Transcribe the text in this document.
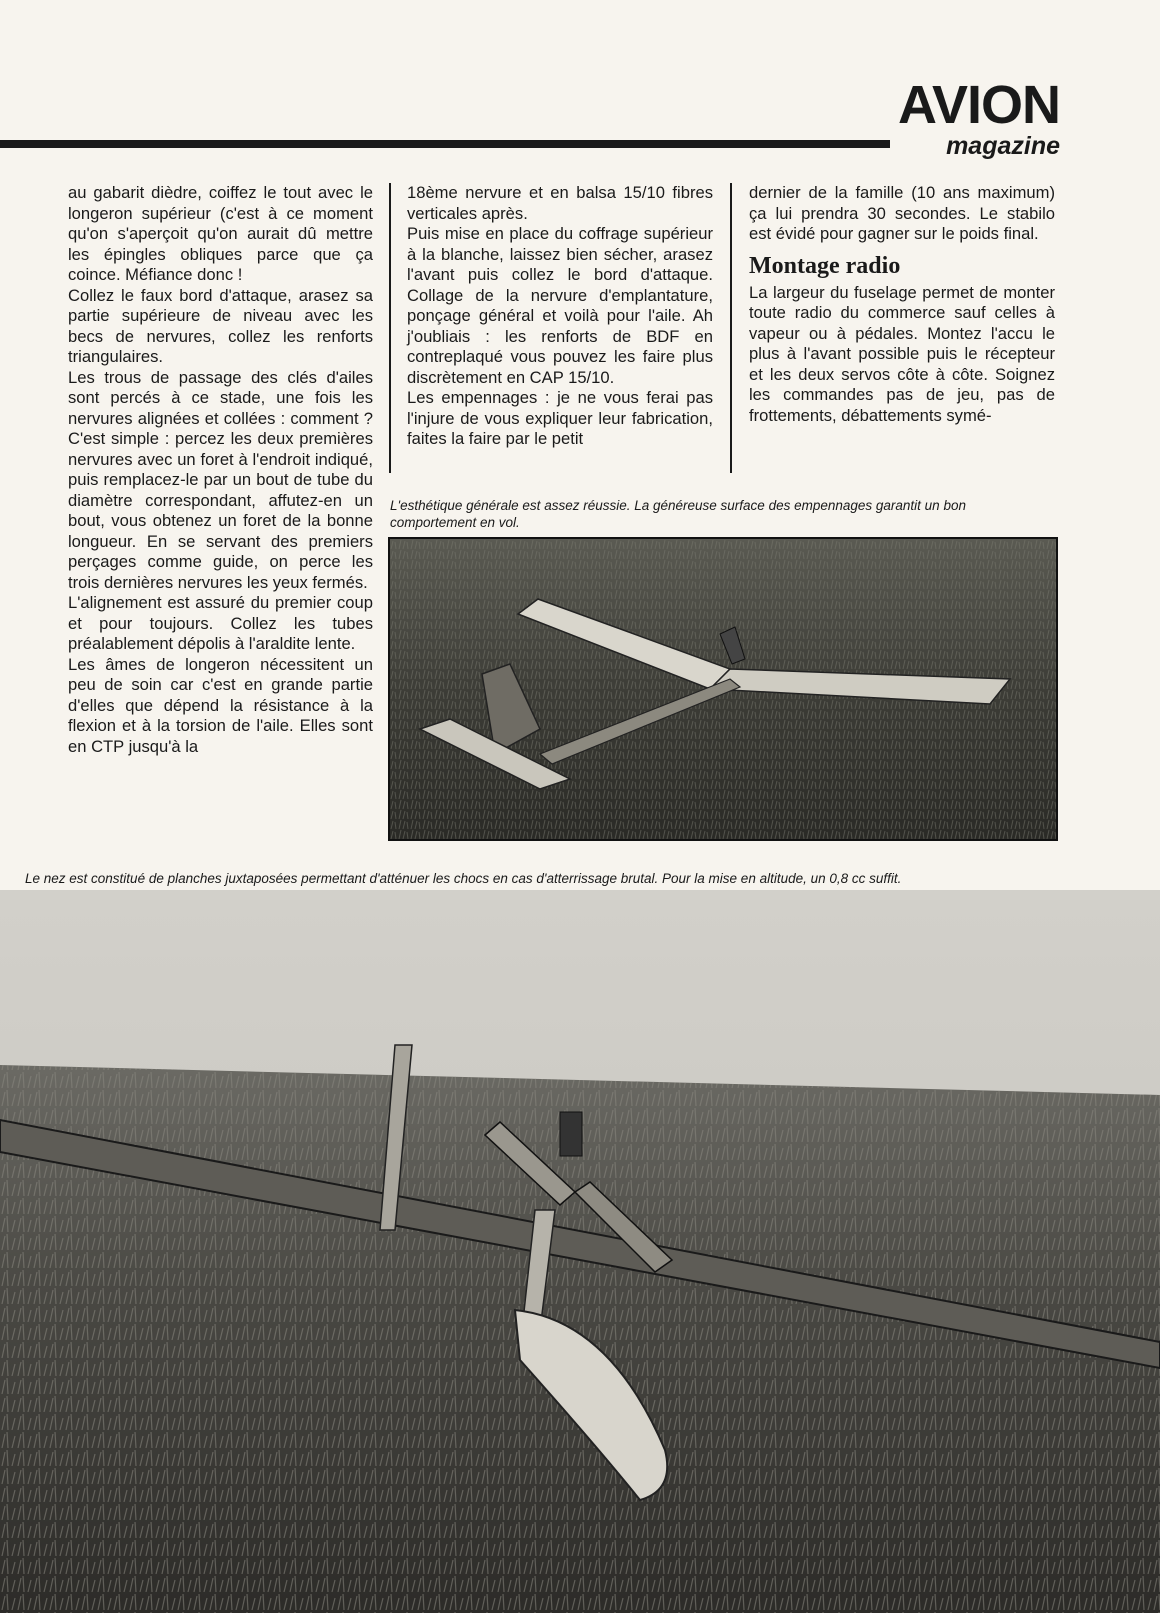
AVION
magazine

au gabarit dièdre, coiffez le tout avec le longeron supérieur (c'est à ce moment qu'on s'aperçoit qu'on aurait dû mettre les épingles obliques parce que ça coince. Méfiance donc !

Collez le faux bord d'attaque, arasez sa partie supérieure de niveau avec les becs de nervures, collez les renforts triangulaires.

Les trous de passage des clés d'ailes sont percés à ce stade, une fois les nervures alignées et collées : comment ? C'est simple : percez les deux premières nervures avec un foret à l'endroit indiqué, puis remplacez-le par un bout de tube du diamètre correspondant, affutez-en un bout, vous obtenez un foret de la bonne longueur. En se servant des premiers perçages comme guide, on perce les trois dernières nervures les yeux fermés.

L'alignement est assuré du premier coup et pour toujours. Collez les tubes préalablement dépolis à l'araldite lente.

Les âmes de longeron nécessitent un peu de soin car c'est en grande partie d'elles que dépend la résistance à la flexion et à la torsion de l'aile. Elles sont en CTP jusqu'à la

18ème nervure et en balsa 15/10 fibres verticales après.

Puis mise en place du coffrage supérieur à la blanche, laissez bien sécher, arasez l'avant puis collez le bord d'attaque. Collage de la nervure d'emplantature, ponçage général et voilà pour l'aile. Ah j'oubliais : les renforts de BDF en contreplaqué vous pouvez les faire plus discrètement en CAP 15/10.

Les empennages : je ne vous ferai pas l'injure de vous expliquer leur fabrication, faites la faire par le petit

dernier de la famille (10 ans maximum) ça lui prendra 30 secondes. Le stabilo est évidé pour gagner sur le poids final.

Montage radio

La largeur du fuselage permet de monter toute radio du commerce sauf celles à vapeur ou à pédales. Montez l'accu le plus à l'avant possible puis le récepteur et les deux servos côte à côte. Soignez les commandes pas de jeu, pas de frottements, débattements symé-

L'esthétique générale est assez réussie. La généreuse surface des empennages garantit un bon comportement en vol.
Le nez est constitué de planches juxtaposées permettant d'atténuer les chocs en cas d'atterrissage brutal. Pour la mise en altitude, un 0,8 cc suffit.
